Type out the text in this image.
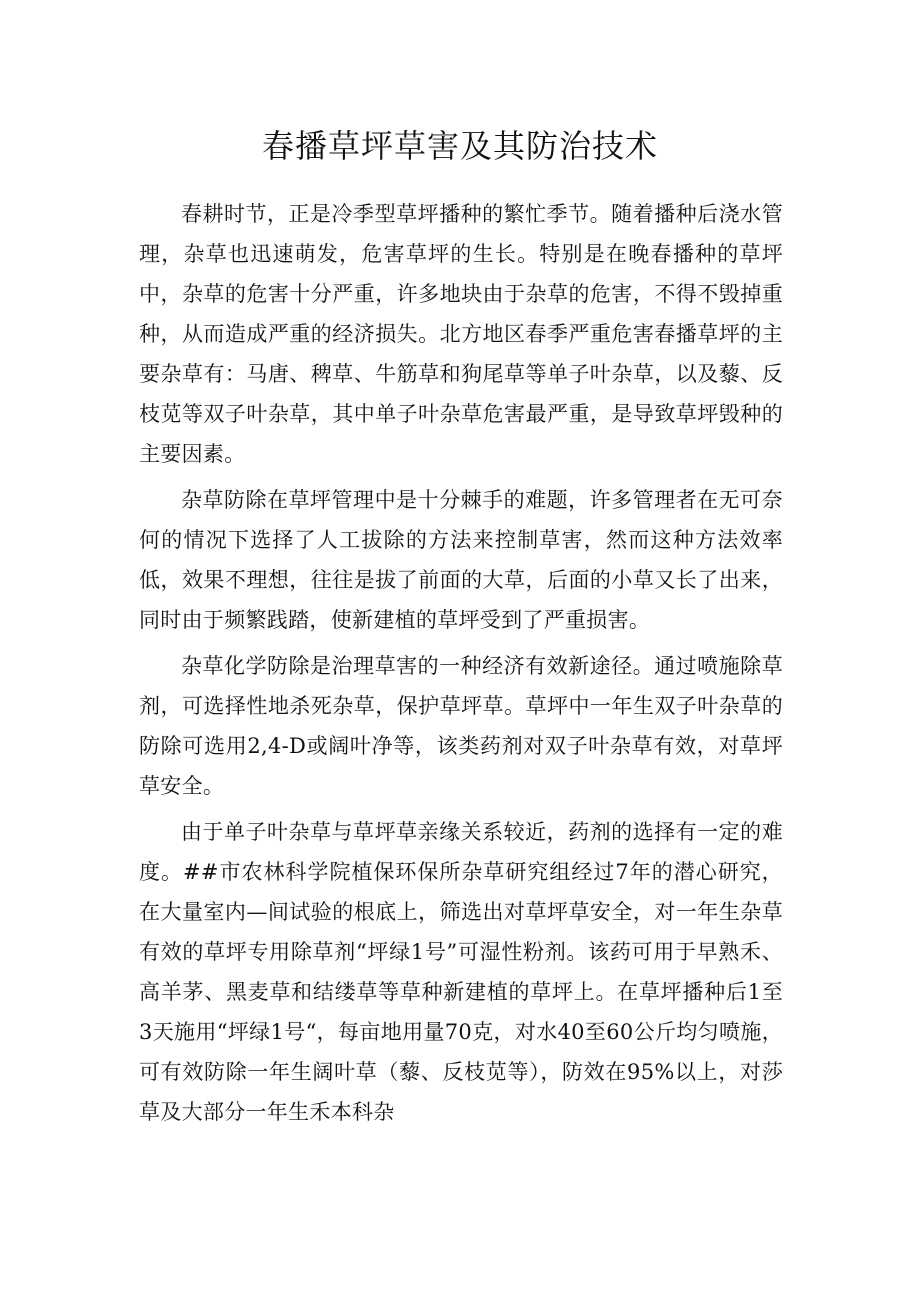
春播草坪草害及其防治技术

春耕时节，正是冷季型草坪播种的繁忙季节。随着播种后浇水管理，杂草也迅速萌发，危害草坪的生长。特别是在晚春播种的草坪中，杂草的危害十分严重，许多地块由于杂草的危害，不得不毁掉重种，从而造成严重的经济损失。北方地区春季严重危害春播草坪的主要杂草有：马唐、稗草、牛筋草和狗尾草等单子叶杂草，以及藜、反枝苋等双子叶杂草，其中单子叶杂草危害最严重，是导致草坪毁种的主要因素。

杂草防除在草坪管理中是十分棘手的难题，许多管理者在无可奈何的情况下选择了人工拔除的方法来控制草害，然而这种方法效率低，效果不理想，往往是拔了前面的大草，后面的小草又长了出来，同时由于频繁践踏，使新建植的草坪受到了严重损害。

杂草化学防除是治理草害的一种经济有效新途径。通过喷施除草剂，可选择性地杀死杂草，保护草坪草。草坪中一年生双子叶杂草的防除可选用2,4-D或阔叶净等，该类药剂对双子叶杂草有效，对草坪草安全。

由于单子叶杂草与草坪草亲缘关系较近，药剂的选择有一定的难度。##市农林科学院植保环保所杂草研究组经过7年的潜心研究，在大量室内—间试验的根底上，筛选出对草坪草安全，对一年生杂草有效的草坪专用除草剂“坪绿1号”可湿性粉剂。该药可用于早熟禾、高羊茅、黑麦草和结缕草等草种新建植的草坪上。在草坪播种后1至3天施用“坪绿1号“，每亩地用量70克，对水40至60公斤均匀喷施，可有效防除一年生阔叶草（藜、反枝苋等），防效在95%以上，对莎草及大部分一年生禾本科杂
